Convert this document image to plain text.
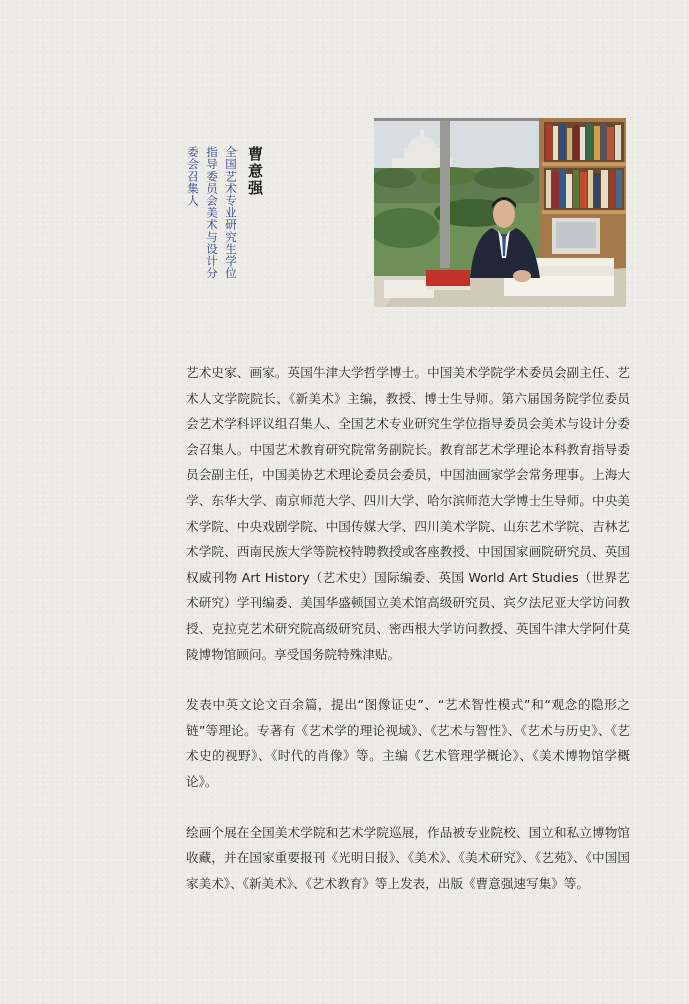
曹意强
全国艺术专业研究生学位
指导委员会美术与设计分
委会召集人

艺术史家、画家。英国牛津大学哲学博士。中国美术学院学术委员会副主任、艺术人文学院院长、《新美术》主编，教授、博士生导师。第六届国务院学位委员会艺术学科评议组召集人、全国艺术专业研究生学位指导委员会美术与设计分委会召集人。中国艺术教育研究院常务副院长。教育部艺术学理论本科教育指导委员会副主任，中国美协艺术理论委员会委员，中国油画家学会常务理事。上海大学、东华大学、南京师范大学、四川大学、哈尔滨师范大学博士生导师。中央美术学院、中央戏剧学院、中国传媒大学、四川美术学院、山东艺术学院、吉林艺术学院、西南民族大学等院校特聘教授或客座教授、中国国家画院研究员、英国权威刊物 Art History（艺术史）国际编委、英国 World Art Studies（世界艺术研究）学刊编委、美国华盛顿国立美术馆高级研究员、宾夕法尼亚大学访问教授、克拉克艺术研究院高级研究员、密西根大学访问教授、英国牛津大学阿什莫陵博物馆顾问。享受国务院特殊津贴。

发表中英文论文百余篇，提出“图像证史”、“艺术智性模式”和“观念的隐形之链”等理论。专著有《艺术学的理论视域》、《艺术与智性》、《艺术与历史》、《艺术史的视野》、《时代的肖像》等。主编《艺术管理学概论》、《美术博物馆学概论》。

绘画个展在全国美术学院和艺术学院巡展，作品被专业院校、国立和私立博物馆收藏，并在国家重要报刊《光明日报》、《美术》、《美术研究》、《艺苑》、《中国国家美术》、《新美术》、《艺术教育》等上发表，出版《曹意强速写集》等。
